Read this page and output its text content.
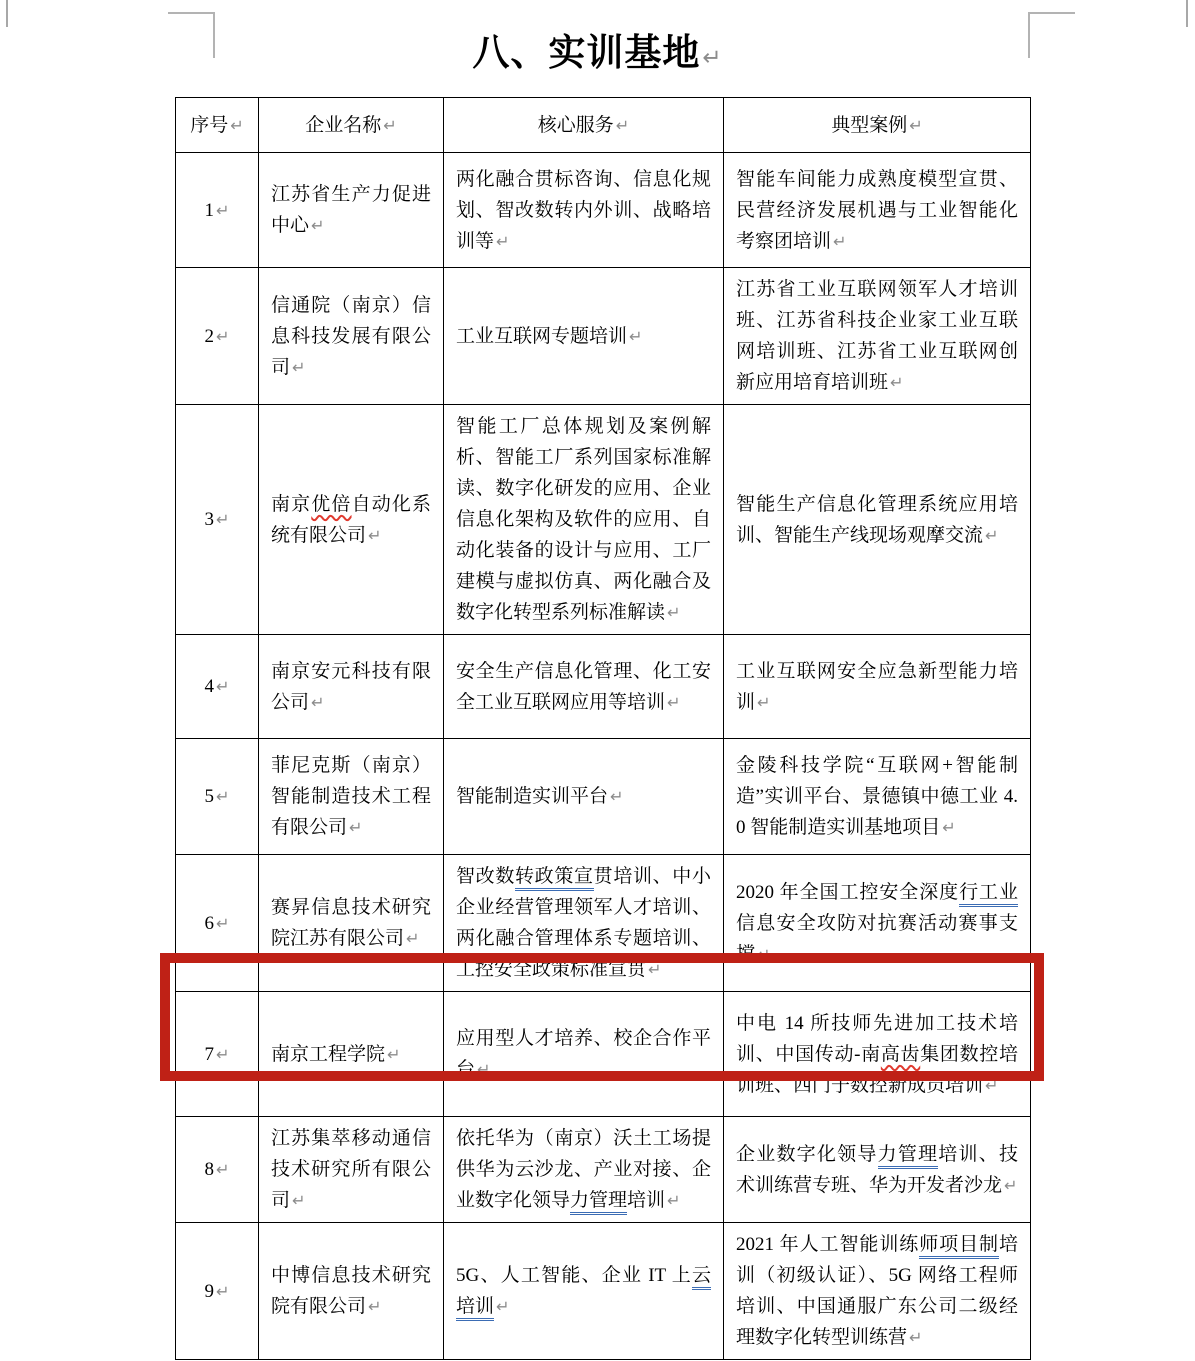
八、实训基地↵
序号 ↵	企业名称 ↵	核心服务 ↵	典型案例 ↵
1 ↵	江苏省生产力促进中心 ↵	两化融合贯标咨询、信息化规划、智改数转内外训、战略培训等 ↵	智能车间能力成熟度模型宣贯、民营经济发展机遇与工业智能化考察团培训 ↵
2 ↵	信通院（南京）信息科技发展有限公司 ↵	工业互联网专题培训 ↵	江苏省工业互联网领军人才培训班、江苏省科技企业家工业互联网培训班、江苏省工业互联网创新应用培育培训班 ↵
3 ↵	南京优倍自动化系统有限公司 ↵	智能工厂总体规划及案例解析、智能工厂系列国家标准解读、数字化研发的应用、企业信息化架构及软件的应用、自动化装备的设计与应用、工厂建模与虚拟仿真、两化融合及数字化转型系列标准解读 ↵	智能生产信息化管理系统应用培训、智能生产线现场观摩交流 ↵
4 ↵	南京安元科技有限公司 ↵	安全生产信息化管理、化工安全工业互联网应用等培训 ↵	工业互联网安全应急新型能力培训 ↵
5 ↵	菲尼克斯（南京）智能制造技术工程有限公司 ↵	智能制造实训平台 ↵	金陵科技学院“互联网+智能制造”实训平台、景德镇中德工业 4.0 智能制造实训基地项目 ↵
6 ↵	赛昇信息技术研究院江苏有限公司 ↵	智改数转政策宣贯培训、中小企业经营管理领军人才培训、两化融合管理体系专题培训、工控安全政策标准宣贯 ↵	2020 年全国工控安全深度行工业信息安全攻防对抗赛活动赛事支撑 ↵
7 ↵	南京工程学院 ↵	应用型人才培养、校企合作平台 ↵	中电 14 所技师先进加工技术培训、中国传动-南高齿集团数控培训班、西门子数控新成员培训 ↵
8 ↵	江苏集萃移动通信技术研究所有限公司 ↵	依托华为（南京）沃土工场提供华为云沙龙、产业对接、企业数字化领导力管理培训 ↵	企业数字化领导力管理培训、技术训练营专班、华为开发者沙龙 ↵
9 ↵	中博信息技术研究院有限公司 ↵	5G、人工智能、企业 IT 上云培训 ↵	2021 年人工智能训练师项目制培训（初级认证）、5G 网络工程师培训、中国通服广东公司二级经理数字化转型训练营 ↵
